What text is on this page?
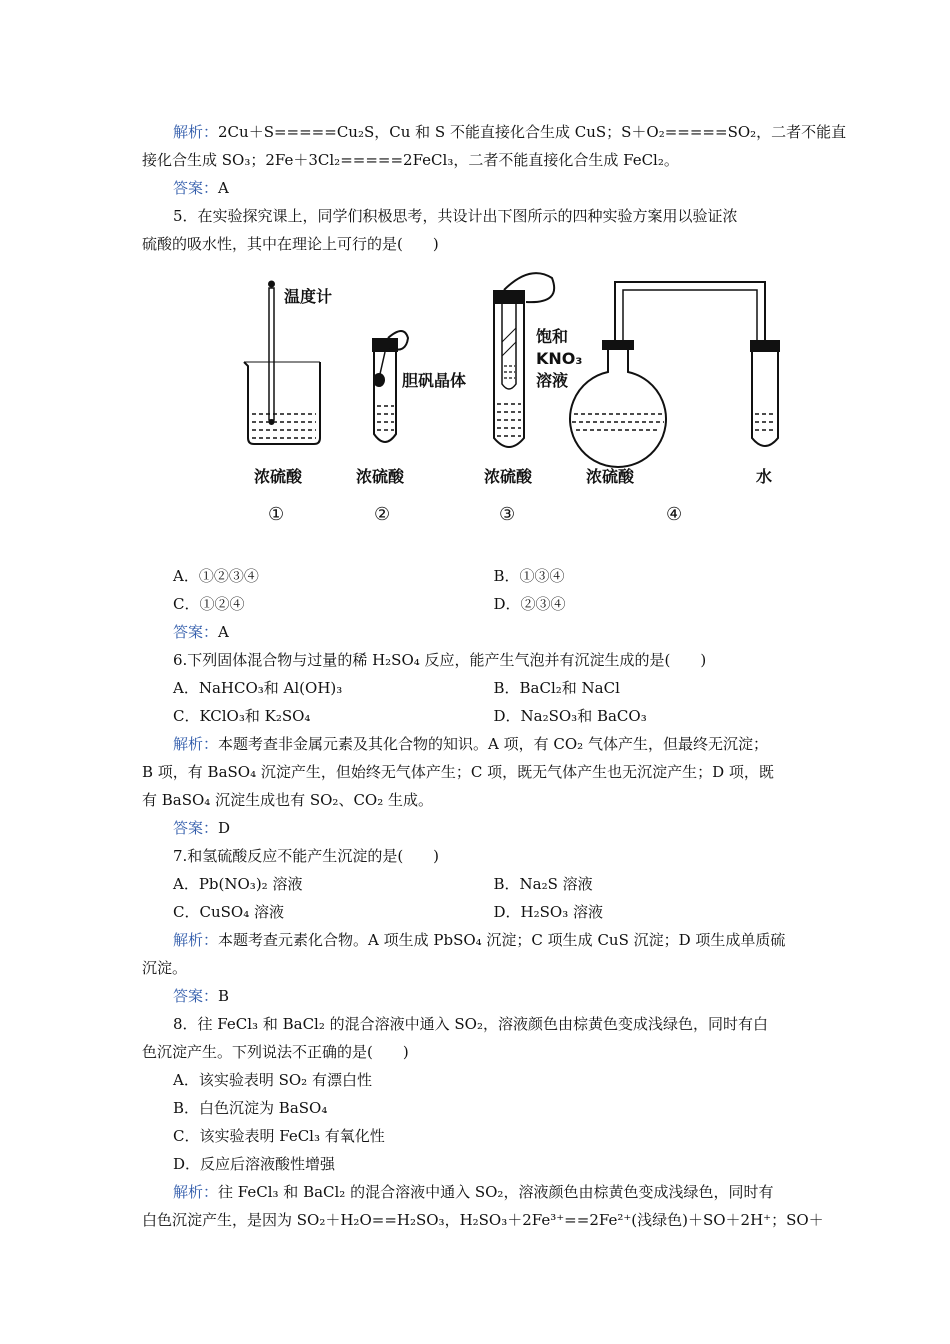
解析：2Cu＋S=====Cu₂S，Cu 和 S 不能直接化合生成 CuS；S＋O₂=====SO₂，二者不能直
接化合生成 SO₃；2Fe＋3Cl₂=====2FeCl₃，二者不能直接化合生成 FeCl₂。
答案：A
5．在实验探究课上，同学们积极思考，共设计出下图所示的四种实验方案用以验证浓
硫酸的吸水性，其中在理论上可行的是(　　)
温度计
胆矾晶体
饱和
KNO₃
溶液
浓硫酸	浓硫酸	浓硫酸	浓硫酸	水
①	②	③	④
A．①②③④	B．①③④
C．①②④	D．②③④
答案：A
6.下列固体混合物与过量的稀 H₂SO₄ 反应，能产生气泡并有沉淀生成的是(　　)
A．NaHCO₃和 Al(OH)₃	B．BaCl₂和 NaCl
C．KClO₃和 K₂SO₄	D．Na₂SO₃和 BaCO₃
解析：本题考查非金属元素及其化合物的知识。A 项，有 CO₂ 气体产生，但最终无沉淀；
B 项，有 BaSO₄ 沉淀产生，但始终无气体产生；C 项，既无气体产生也无沉淀产生；D 项，既
有 BaSO₄ 沉淀生成也有 SO₂、CO₂ 生成。
答案：D
7.和氢硫酸反应不能产生沉淀的是(　　)
A．Pb(NO₃)₂ 溶液	B．Na₂S 溶液
C．CuSO₄ 溶液	D．H₂SO₃ 溶液
解析：本题考查元素化合物。A 项生成 PbSO₄ 沉淀；C 项生成 CuS 沉淀；D 项生成单质硫
沉淀。
答案：B
8．往 FeCl₃ 和 BaCl₂ 的混合溶液中通入 SO₂，溶液颜色由棕黄色变成浅绿色，同时有白
色沉淀产生。下列说法不正确的是(　　)
A．该实验表明 SO₂ 有漂白性
B．白色沉淀为 BaSO₄
C．该实验表明 FeCl₃ 有氧化性
D．反应后溶液酸性增强
解析：往 FeCl₃ 和 BaCl₂ 的混合溶液中通入 SO₂，溶液颜色由棕黄色变成浅绿色，同时有
白色沉淀产生，是因为 SO₂＋H₂O==H₂SO₃，H₂SO₃＋2Fe³⁺==2Fe²⁺(浅绿色)＋SO＋2H⁺；SO＋
